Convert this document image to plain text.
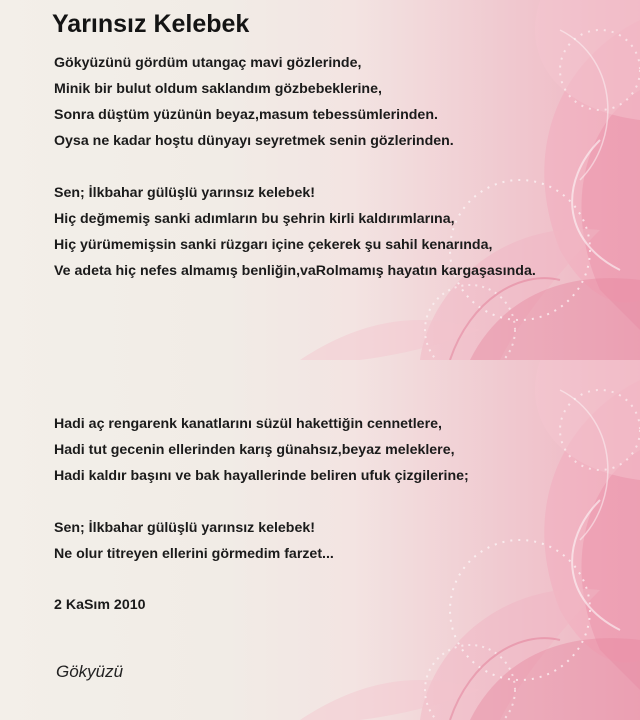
Yarınsız Kelebek
Gökyüzünü gördüm utangaç mavi gözlerinde,
Minik bir bulut oldum saklandım gözbebeklerine,
Sonra düştüm yüzünün beyaz,masum tebessümlerinden.
Oysa ne kadar hoştu dünyayı seyretmek senin gözlerinden.
Sen; İlkbahar gülüşlü yarınsız kelebek!
Hiç değmemiş sanki adımların bu şehrin kirli kaldırımlarına,
Hiç yürümemişsin sanki rüzgarı içine çekerek şu sahil kenarında,
Ve adeta hiç nefes almamış benliğin,vaRolmamış hayatın kargaşasında.
Hadi aç rengarenk kanatlarını süzül hakettiğin cennetlere,
Hadi tut gecenin ellerinden karış günahsız,beyaz meleklere,
Hadi kaldır başını ve bak hayallerinde beliren ufuk çizgilerine;
Sen; İlkbahar gülüşlü yarınsız kelebek!
Ne olur titreyen ellerini görmedim farzet...
2 KaSım 2010
Gökyüzü
